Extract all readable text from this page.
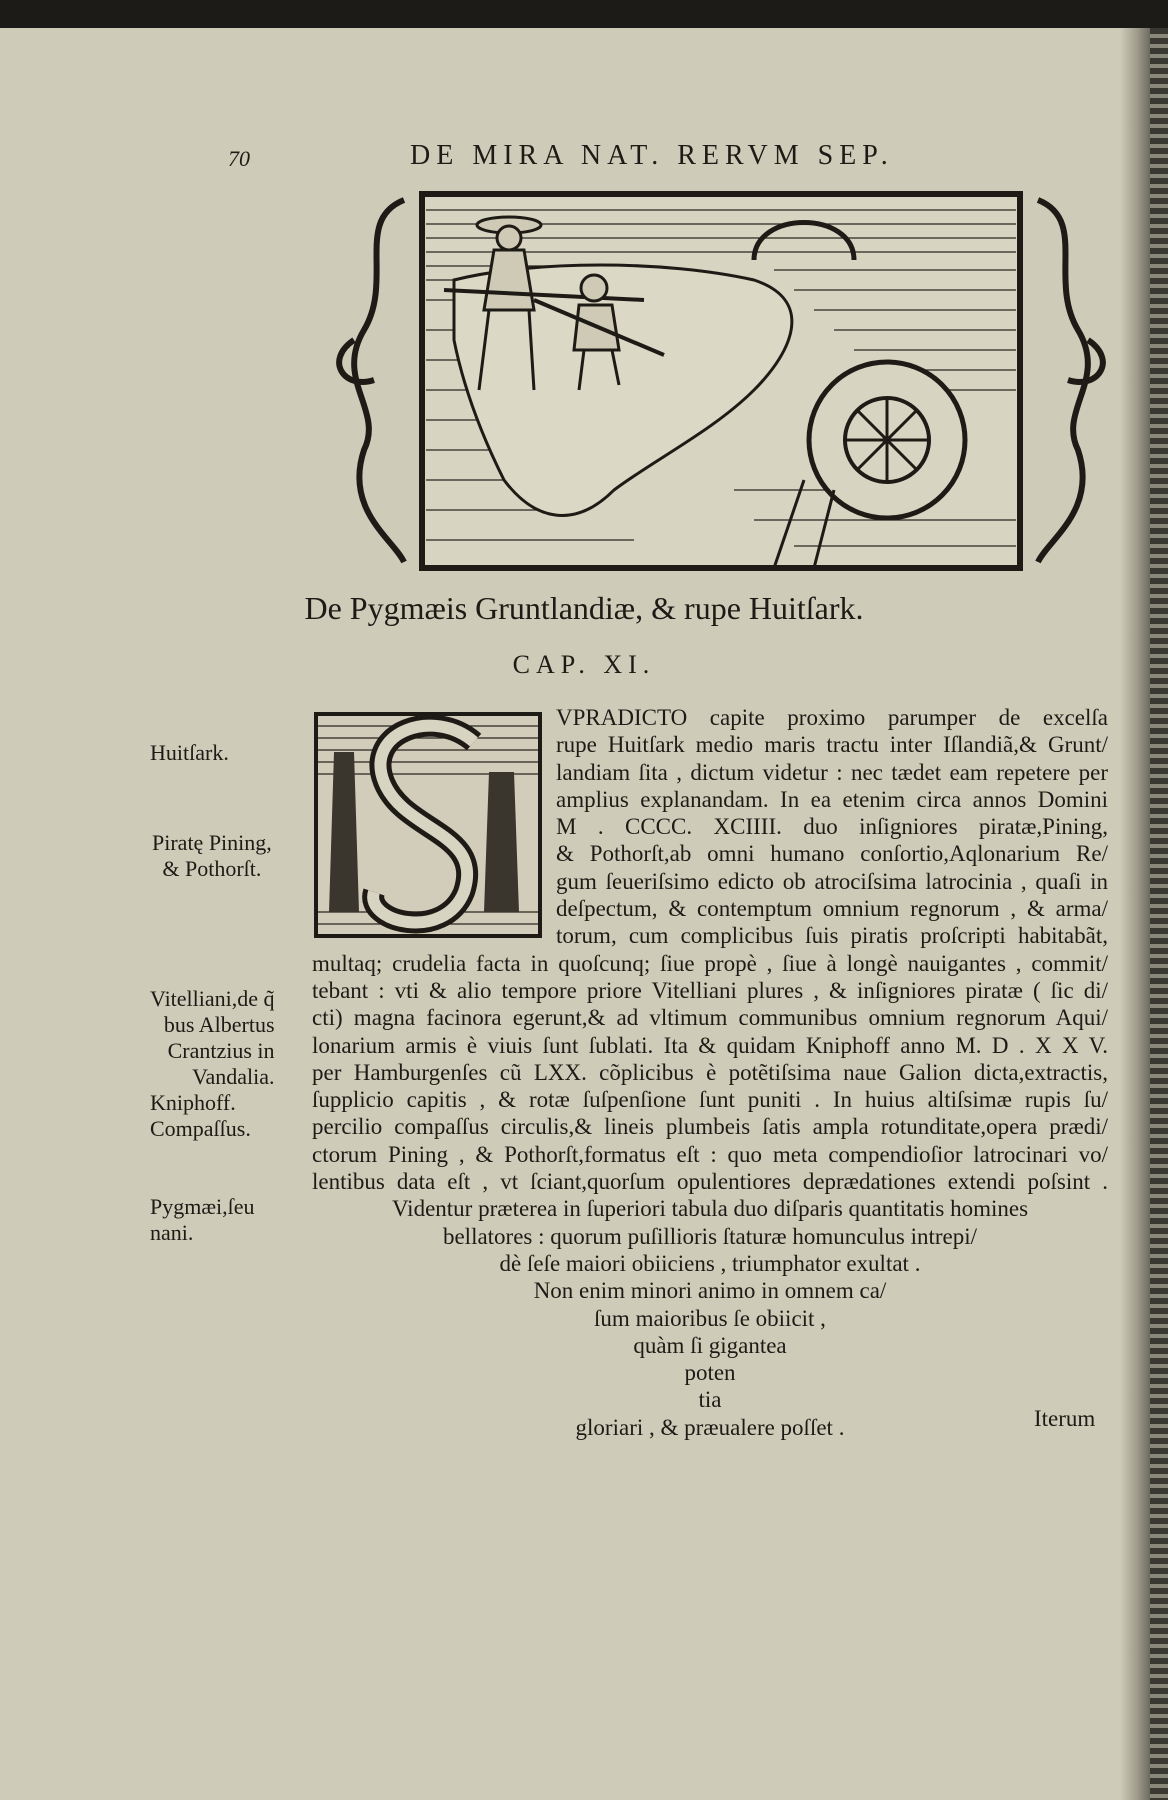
70	DE MIRA NAT. RERVM SEP.
De Pygmæis Gruntlandiæ, & rupe Huitſark.
CAP. XI.
VPRADICTO capite proximo parumper de excelſa
rupe Huitſark medio maris tractu inter Iſlandiã,& Grunt/
landiam ſita , dictum videtur : nec tædet eam repetere per
amplius explanandam. In ea etenim circa annos Domini
M . CCCC. XCIIII. duo inſigniores piratæ,Pining,
& Pothorſt,ab omni humano conſortio,Aqlonarium Re/
gum ſeueriſsimo edicto ob atrociſsima latrocinia , quaſi in
deſpectum, & contemptum omnium regnorum , & arma/
torum, cum complicibus ſuis piratis proſcripti habitabãt,
multaq; crudelia facta in quoſcunq; ſiue propè , ſiue à longè nauigantes , commit/
tebant : vti & alio tempore priore Vitelliani plures , & inſigniores piratæ ( ſic di/
cti) magna facinora egerunt,& ad vltimum communibus omnium regnorum Aqui/
lonarium armis è viuis ſunt ſublati. Ita & quidam Kniphoff anno M. D . X X V.
per Hamburgenſes cũ LXX. cõplicibus è potẽtiſsima naue Galion dicta,extractis,
ſupplicio capitis , & rotæ ſuſpenſione ſunt puniti . In huius altiſsimæ rupis ſu/
percilio compaſſus circulis,& lineis plumbeis ſatis ampla rotunditate,opera prædi/
ctorum Pining , & Pothorſt,formatus eſt : quo meta compendioſior latrocinari vo/
lentibus data eſt , vt ſciant,quorſum opulentiores deprædationes extendi poſsint .
Videntur præterea in ſuperiori tabula duo diſparis quantitatis homines
bellatores : quorum puſillioris ſtaturæ homunculus intrepi/
dè ſeſe maiori obiiciens , triumphator exultat .
Non enim minori animo in omnem ca/
ſum maioribus ſe obiicit ,
quàm ſi gigantea
poten
tia
gloriari , & præualere poſſet .	Iterum
Huitſark.
Piratę Pining,
& Pothorſt.
Vitelliani,de q̃
bus Albertus
Crantzius in
Vandalia.
Kniphoff.
Compaſſus.
Pygmæi,ſeu
nani.
